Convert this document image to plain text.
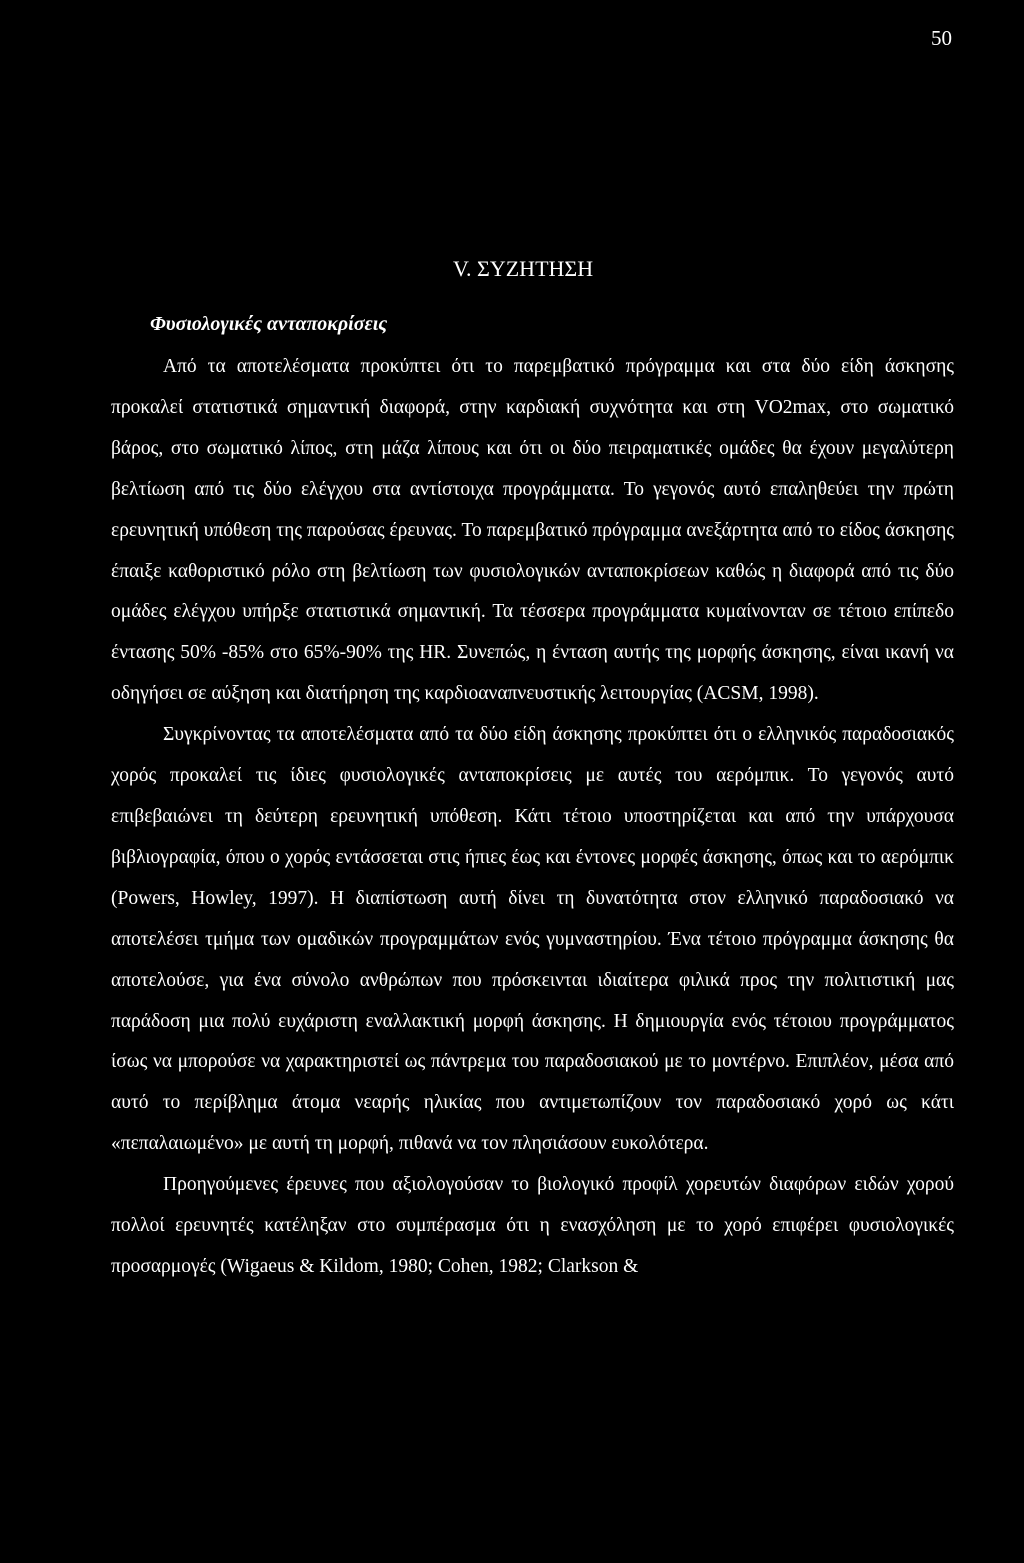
50
V. ΣΥΖΗΤΗΣΗ
Φυσιολογικές ανταποκρίσεις

Από τα αποτελέσματα προκύπτει ότι το παρεμβατικό πρόγραμμα και στα δύο είδη άσκησης προκαλεί στατιστικά σημαντική διαφορά, στην καρδιακή συχνότητα και στη VO2max, στο σωματικό βάρος, στο σωματικό λίπος, στη μάζα λίπους και ότι οι δύο πειραματικές ομάδες θα έχουν μεγαλύτερη βελτίωση από τις δύο ελέγχου στα αντίστοιχα προγράμματα. Το γεγονός αυτό επαληθεύει την πρώτη ερευνητική υπόθεση της παρούσας έρευνας. Το παρεμβατικό πρόγραμμα ανεξάρτητα από το είδος άσκησης έπαιξε καθοριστικό ρόλο στη βελτίωση των φυσιολογικών ανταποκρίσεων καθώς η διαφορά από τις δύο ομάδες ελέγχου υπήρξε στατιστικά σημαντική. Τα τέσσερα προγράμματα κυμαίνονταν σε τέτοιο επίπεδο έντασης 50% -85% στο 65%-90% της HR. Συνεπώς, η ένταση αυτής της μορφής άσκησης, είναι ικανή να οδηγήσει σε αύξηση και διατήρηση της καρδιοαναπνευστικής λειτουργίας (ACSM, 1998).

Συγκρίνοντας τα αποτελέσματα από τα δύο είδη άσκησης προκύπτει ότι ο ελληνικός παραδοσιακός χορός προκαλεί τις ίδιες φυσιολογικές ανταποκρίσεις με αυτές του αερόμπικ. Το γεγονός αυτό επιβεβαιώνει τη δεύτερη ερευνητική υπόθεση. Κάτι τέτοιο υποστηρίζεται και από την υπάρχουσα βιβλιογραφία, όπου ο χορός εντάσσεται στις ήπιες έως και έντονες μορφές άσκησης, όπως και το αερόμπικ (Powers, Howley, 1997). Η διαπίστωση αυτή δίνει τη δυνατότητα στον ελληνικό παραδοσιακό να αποτελέσει τμήμα των ομαδικών προγραμμάτων ενός γυμναστηρίου. Ένα τέτοιο πρόγραμμα άσκησης θα αποτελούσε, για ένα σύνολο ανθρώπων που πρόσκεινται ιδιαίτερα φιλικά προς την πολιτιστική μας παράδοση μια πολύ ευχάριστη εναλλακτική μορφή άσκησης. Η δημιουργία ενός τέτοιου προγράμματος ίσως να μπορούσε να χαρακτηριστεί ως πάντρεμα του παραδοσιακού με το μοντέρνο. Επιπλέον, μέσα από αυτό το περίβλημα άτομα νεαρής ηλικίας που αντιμετωπίζουν τον παραδοσιακό χορό ως κάτι «πεπαλαιωμένο» με αυτή τη μορφή, πιθανά να τον πλησιάσουν ευκολότερα.

Προηγούμενες έρευνες που αξιολογούσαν το βιολογικό προφίλ χορευτών διαφόρων ειδών χορού πολλοί ερευνητές κατέληξαν στο συμπέρασμα ότι η ενασχόληση με το χορό επιφέρει φυσιολογικές προσαρμογές (Wigaeus & Kildom, 1980; Cohen, 1982; Clarkson &
